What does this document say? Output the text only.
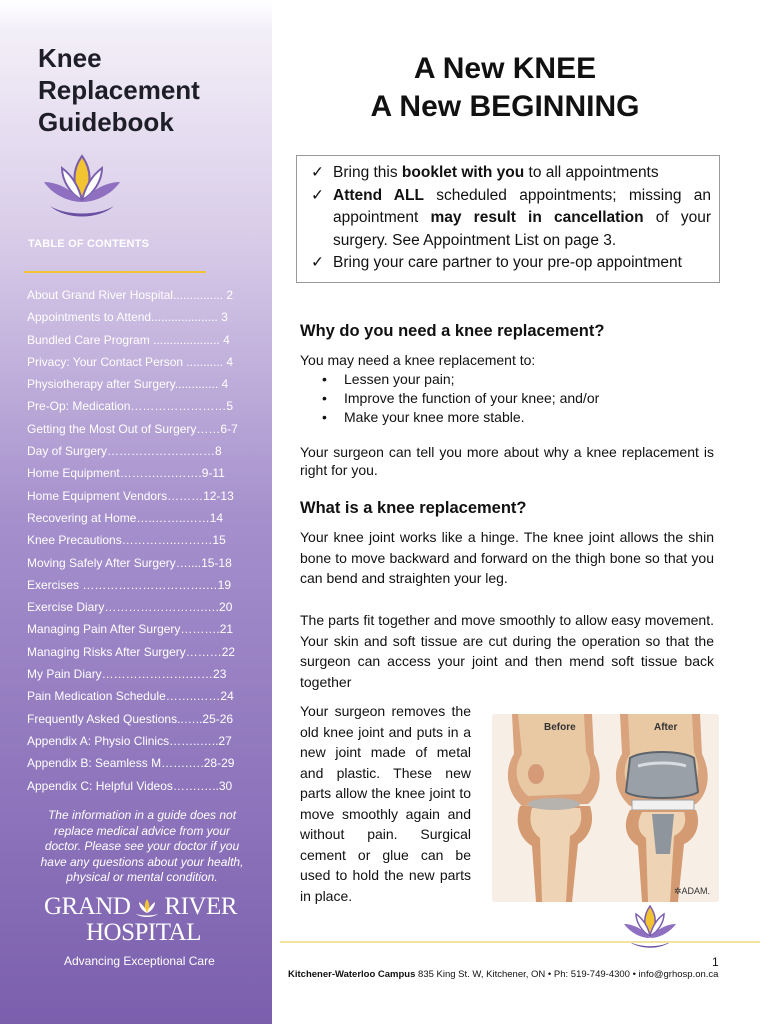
Knee
Replacement
Guidebook
TABLE OF CONTENTS
About Grand River Hospital............... 2
Appointments to Attend.................... 3
Bundled Care Program .................... 4
Privacy: Your Contact Person ........... 4
Physiotherapy after Surgery............. 4
Pre-Op: Medication……………………5
Getting the Most Out of Surgery……6-7
Day of Surgery………………………8
Home Equipment……….….…….9-11
Home Equipment Vendors………12-13
Recovering at Home…..……..……14
Knee Precautions…………..………15
Moving Safely After Surgery…....15-18
Exercises ………………………….…19
Exercise Diary…………………….….20
Managing Pain After Surgery……….21
Managing Risks After Surgery………22
My Pain Diary………………….……23
Pain Medication Schedule……..……24
Frequently Asked Questions..…..25-26
Appendix A: Physio Clinics……..…..27
Appendix B: Seamless M…….….28-29
Appendix C: Helpful Videos…….…..30
The information in a guide does not replace medical advice from your doctor. Please see your doctor if you have any questions about your health, physical or mental condition.
GRAND RIVER
HOSPITAL
Advancing Exceptional Care
A New KNEE
A New BEGINNING
✓ Bring this booklet with you to all appointments
✓ Attend ALL scheduled appointments; missing an appointment may result in cancellation of your surgery. See Appointment List on page 3.
✓ Bring your care partner to your pre-op appointment
Why do you need a knee replacement?
You may need a knee replacement to:
• Lessen your pain;
• Improve the function of your knee; and/or
• Make your knee more stable.
Your surgeon can tell you more about why a knee replacement is right for you.
What is a knee replacement?
Your knee joint works like a hinge. The knee joint allows the shin bone to move backward and forward on the thigh bone so that you can bend and straighten your leg.
The parts fit together and move smoothly to allow easy movement. Your skin and soft tissue are cut during the operation so that the surgeon can access your joint and then mend soft tissue back together
Your surgeon removes the old knee joint and puts in a new joint made of metal and plastic. These new parts allow the knee joint to move smoothly again and without pain. Surgical cement or glue can be used to hold the new parts in place.
Before	After
✲ADAM.
1
Kitchener-Waterloo Campus 835 King St. W, Kitchener, ON • Ph: 519-749-4300 • info@grhosp.on.ca
